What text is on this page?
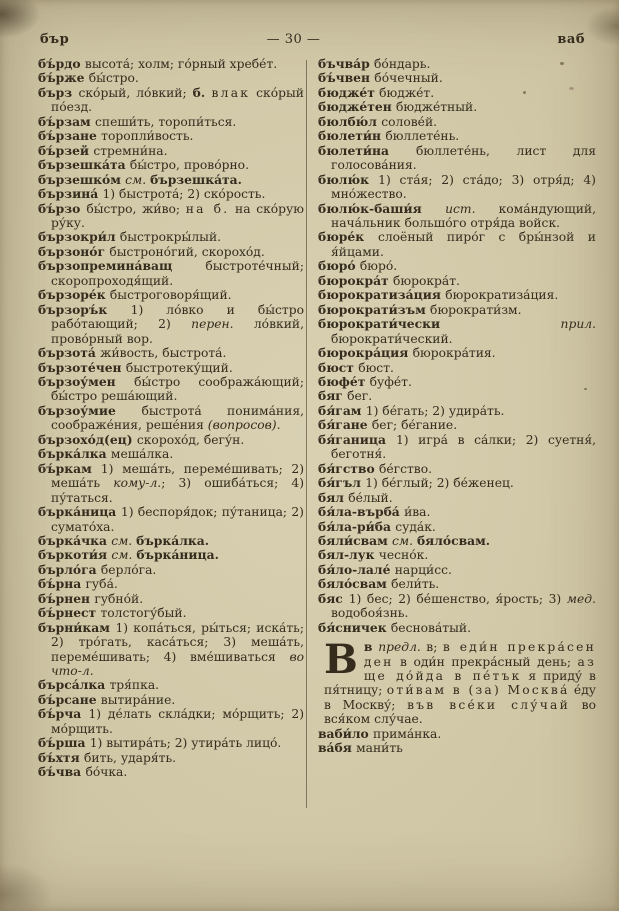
бър	— 30 —	ваб

бъ́рдо высота́; холм; го́рный хребе́т.

бъ́рже бы́стро.

бърз ско́рый, ло́вкий; б. влак ско́рый по́езд.

бъ́рзам спеши́ть, торопи́ться.

бъ́рзане торопли́вость.

бъ́рзей стремни́на.

бързешка́та бы́стро, прово́рно.

бързешко́м см. бързешка́та.

бързина́ 1) быстрота́; 2) ско́рость.

бъ́рзо бы́стро, жи́во; на б. на ско́рую ру́ку.

бързокри́л быстрокры́лый.

бързоно́г быстроно́гий, скорохо́д.

бързопремина́ващ быстроте́чный; скоропроходя́щий.

бързоре́к быстроговоря́щий.

бързоръ́к 1) ло́вко и бы́стро рабо́тающий; 2) перен. ло́вкий, прово́рный вор.

бързота́ жи́вость, быстрота́.

бързоте́чен быстротеку́щий.

бързоу́мен бы́стро сообража́ющий; бы́стро реша́ющий.

бързоу́мие быстрота́ понима́ния, соображе́ния, реше́ния (вопросов).

бързохо́д(ец) скорохо́д, бегу́н.

бърка́лка меша́лка.

бъ́ркам 1) меша́ть, переме́шивать; 2) меша́ть кому-л.; 3) ошиба́ться; 4) пу́таться.

бърка́ница 1) беспоря́док; пу́таница; 2) сумато́ха.

бърка́чка см. бърка́лка.

бъркоти́я см. бърка́ница.

бърло́га берло́га.

бъ́рна губа́.

бъ́рнен губно́й.

бъ́рнест толстогу́бый.

бърни́кам 1) копа́ться, ры́ться; иска́ть; 2) тро́гать, каса́ться; 3) меша́ть, переме́шивать; 4) вме́шиваться во что-л.

бърса́лка тря́пка.

бъ́рсане вытира́ние.

бъ́рча 1) де́лать скла́дки; мо́рщить; 2) мо́рщить.

бъ́рша 1) вытира́ть; 2) утира́ть лицо́.

бъ́хтя бить, ударя́ть.

бъ́чва бо́чка.

бъчва́р бо́ндарь.

бъ́чвен бо́чечный.

бюдже́т бюдже́т.

бюдже́тен бюдже́тный.

бюлбю́л солове́й.

бюлети́н бюллете́нь.

бюлети́на бюллете́нь, лист для голосова́ния.

бюлю́к 1) ста́я; 2) ста́до; 3) отря́д; 4) мно́жество.

бюлю́к-баши́я ист. кома́ндующий, нача́льник большо́го отря́да войск.

бюре́к слоёный пиро́г с бры́нзой и я́йцами.

бюро́ бюро́.

бюрокра́т бюрокра́т.

бюрократиза́ция бюрократиза́ция.

бюрократи́зъм бюрократи́зм.

бюрократи́чески прил. бюрократи́ческий.

бюрокра́ция бюрокра́тия.

бюст бюст.

бюфе́т буфе́т.

бяг бег.

бя́гам 1) бе́гать; 2) удира́ть.

бя́гане бег; бе́гание.

бя́ганица 1) игра́ в са́лки; 2) суетня́, беготня́.

бя́гство бе́гство.

бя́гъл 1) бе́глый; 2) бе́женец.

бял бе́лый.

бя́ла-върба́ и́ва.

бя́ла-ри́ба суда́к.

бяли́свам см. бяло́свам.

бял-лук чесно́к.

бя́ло-лале́ нарци́сс.

бяло́свам бели́ть.

бяс 1) бес; 2) бе́шенство, я́рость; 3) мед. водобоя́знь.

бя́сничек беснова́тый.

Вв предл. в; в еди́н прекра́сен ден в оди́н прекра́сный день; аз ще до́йда в пе́тък я приду́ в пя́тницу; оти́вам в (за) Москва́ е́ду в Москву́; във все́ки слу́чай во вся́ком слу́чае.

ваби́ло прима́нка.

ва́бя мани́ть
